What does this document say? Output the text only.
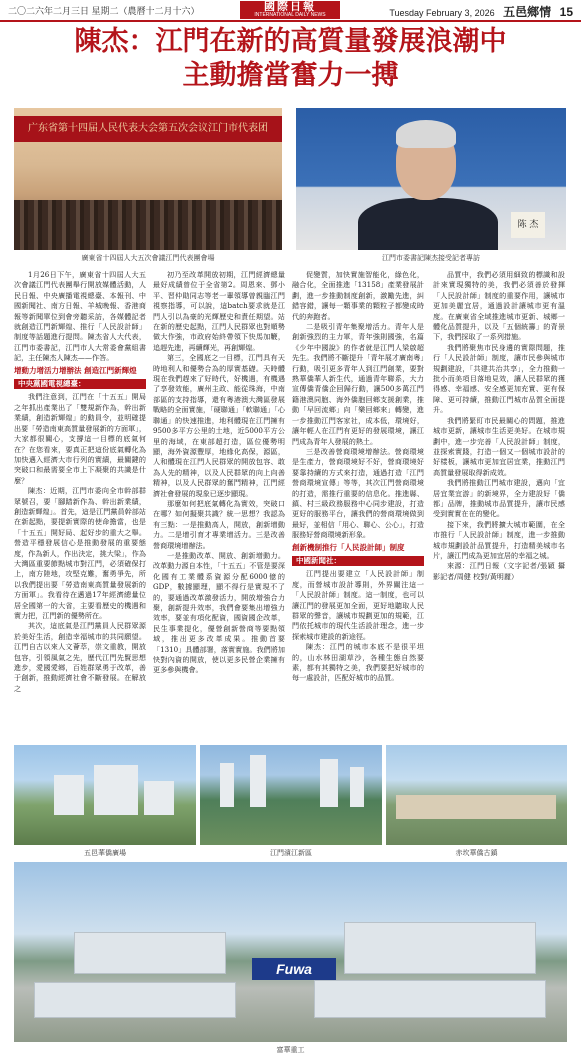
二〇二六年二月三日 星期二（農曆十二月十六）	國際日報
INTERNATIONAL DAILY NEWS	Tuesday February 3, 2026 五邑鄉情 15
陳杰：江門在新的高質量發展浪潮中
主動擔當奮力一搏
广东省第十四届人民代表大会第五次会议江门市代表团
廣東省十四屆人大五次會議江門代表團會場
陈 杰
江門市委書記陳杰接受記者專訪

1月26日下午，廣東省十四屆人大五次會議江門代表團舉行開放媒體活動，人民日報、中央廣播電視總臺、本報刊、中國新聞社、南方日報、羊城晚報、香港商報等新聞單位到會旁聽采訪，各媒體記者就創造江門新輝煌、推行「人民設計師」制度等話題進行提問。陳杰省人大代表，江門市委書記，江門市人大常委會黨組書記，主任陳杰人陳杰——作答。

增動力增活力增辦法 創造江門新輝煌
中央黨國電視總臺：

我們注意到，江門在「十五五」開局之年抓出產業出了「雙規新作為，幹出新業績，創造新輝煌」的動員令，並明確提出要「勞造南東高質量發展新的方面軍」，大家都很關心，支撐這一目標的底氣何在？在您看來，要真正把這份底氣轉化為加快邁入經濟大市行列的實績，最關鍵的突破口和最需要全市上下凝聚的共識是什麼？

陳杰：近期，江門市委向全市幹部群眾號召，要「腳踏新作為、幹出新業績，創造新輝煌」。首先，這是江門黨員幹部站在新起點，要提新實際的使命擔當，也是「十五五」開好局、起好步的重大之舉。營造平穩發展信心是推動發展的重要態度，作為新人，作出決定，挑大梁」，作為大灣區重要節點城市對江門，必須確保打上，南方陸地，攻堅克難，奮勇爭先，所以我們提出要「勞造南東高質量發展新的方面軍」。我看待在邁過17年經濟總量位居全國第一的大省，主要看歷史的機遇和實力把，江門新的優勢所在。

其次，這底氣是江門黨員人民群眾源於美好生活，創造幸福城市的共同願望。江門自古以來人文薈萃，崇文重教，開放包容，引領風氣之先，歷代江門先賢思想進步，愛國愛鄉，百姓群眾勇于改革，善于創新，推動經濟社會不斷發展。在解放之

初乃至改革開放初期，江門經濟總量最好成績曾位于全省第2。周恩來、鄧小平、習仲勛同志等老一輩領導曾親臨江門視察指導，可以說，這batch要求就是江門人引以為豪的光輝歷史和責任期望。站在新的歷史起點，江門人民群眾也對順勢做大作強，市政府始終帶領下快馬加鞭，追趕先進，再續輝光，再創輝煌。

第三，全國底之一目標，江門具有天時地利人和優勢合為的厚實基礎。天時體現在我們趕來了好時代，好機遇，有機遇了享發效能，廣州主政、能從珠海，中南部區的支持指導，還有粵港澳大灣區發展戰略的全面實施，「硬聯通」「軟聯通」「心聯通」的快速推進，地利體現在江門擁有9500多平方公里的土地，近5000平方公里的海域，在東部超打造，區位優勢明顯，海外資源豐厚，地緣化高保，源區，人和體現在江門人民群眾的開放包容、敢為人先的精神，以及人民群眾的向上向善精神，以及人民群眾的奮鬥精神，江門經濟社會發展的現象已逐步顯現。

那麼如何把底氣轉化為實效，突破口在哪？如何擬聚共識？統一思想？我認為有三點：一是推動高人，開放，創新增動力。二是增引育才專業增活力。三是改善營商環境增辦法。

一是推動改革、開放、創新增動力。改革動力源自本性，「十五五」不管是要深化國有工業體系資源分配6000億的GDP，數據顯理，顯不得行是實現不了的，要通過改革激發活力，開放增強合力聚，創新提升效率，我們會要集出增強力效率，要並有項化配資，國資國企改革，民生事業提化，優營創新營商等要點領域，推出更多改革成果。推動首要「1310」具體部署，落實實施。我們將加快對內資的開放，使以更多民營企業擁有更多參與機會。

促變質，加快實施智能化，綠色化，融合化，全面推進「13158」產業發展計劃，進一步推動制度創新，激勵先進，糾錯容錯，讓每一顆事業的顆粒子都變成時代的奔跑者。

二是吸引青年集聚增活力。青年人是創新強烈的主力軍，青年強則國強，名篇《少年中國說》的作者就是江門人梁啟超先生。我們將不斷提升「青年展才廣南粵」行動，吸引更多青年人到江門創業，要對熟華僑華人新生代，通過青年聯系，大力宣傳僑青僑企回歸行動，讓500多萬江門籍港澳同胞、海外僑胞回鄉支援創業，推動「早回流鄉」向「樂回鄉來」轉變，進一步推動江門客家社，成本低，環境好，讓年輕人在江門有更好的發展環境，讓江門成為青年人發展的熱土。

三是改善營商環境增辦法。營商環境是生產力，營商環境好不好，營商環境好要靠持續的方式來打造，通過打造「江門營商環境宣傳」等等，其次江門營商環境的打造，需推行重要的信息化。推進縣、鎮、村三級政務服務中心同步建設，打造更好的服務平台，讓我們的營商環境做到最好，並相信「用心、聯心、公心」，打造服務好營商環境新形象。

創新機制推行「人民設計師」制度
中國新聞社：

江門提出要建立「人民設計師」制度，而營城市設計導則，外界關注這一「人民設計師」制度。這一制度，也可以讓江門的發展更加全面，更好地聽取人民群眾的聲音，讓城市規劃更加的規範，江門依托城市的現代生活設計理念，進一步探索城市建設的新途徑。

陳杰：江門的城市本底不是很平坦的，山水林田湖草沙，各種生態自然要素，都有其獨特之美，我們要把好城市的每一處設計，匹配好城市的品質。

品質中，我們必須用細致的標識和設計來實現獨特的美，我們必須善於發揮「人民設計師」制度的重要作用，讓城市更加美麗宜居，通過設計讓城市更有溫度。在廣東省全域推進城市更新、城鄉一體化品質提升，以及「五個統籌」的背景下，我們採取了一系列措施。

我們將聚焦市民身邊的實際問題，推行「人民設計師」制度，讓市民參與城市規劃建設，「共建共治共享」，全力推動一批小而美項目落地見效，讓人民群眾的獲得感、幸福感、安全感更加充實、更有保障、更可持續，推動江門城市品質全面提升。

我們將緊盯市民最關心的問題，推進城市更新，讓城市生活更美好。在城市規劃中，進一步完善「人民設計師」制度，並探索實踐，打造一個又一個城市設計的好樣板，讓城市更加宜居宜業，推動江門高質量發展取得新成效。

我們將推動江門城市建設，邁向「宜居宜業宜游」的新境界，全力建設好「僑都」品牌，推動城市品質提升，讓市民感受到實實在在的變化。

接下來，我們將擴大城市範圍，在全市推行「人民設計師」制度，進一步推動城市規劃設計品質提升，打造精美城市名片，讓江門成為更加宜居的幸福之城。

來源：江門日報（文字記者/張穎 攝影記者/周健 校對/黃明麗）

五邑華僑廣場	江門濱江新區	赤坎華僑古鎮
Fuwa
富華重工
